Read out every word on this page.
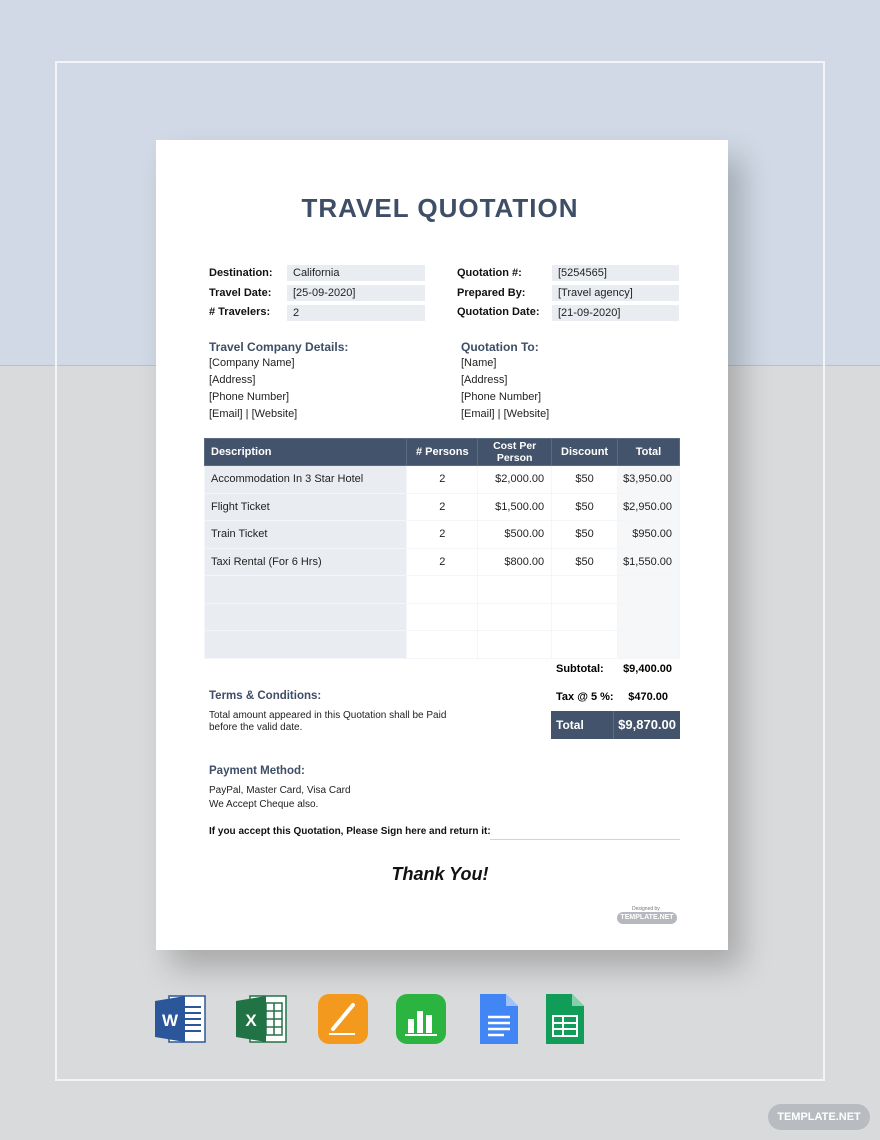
TRAVEL QUOTATION
Destination:	California
Travel Date:	[25-09-2020]
# Travelers:	2
Quotation #:	[5254565]
Prepared By:	[Travel agency]
Quotation Date:	[21-09-2020]
Travel Company Details:
[Company Name]
[Address]
[Phone Number]
[Email] | [Website]
Quotation To:
[Name]
[Address]
[Phone Number]
[Email] | [Website]
Description	# Persons	Cost Per Person	Discount	Total
Accommodation In 3 Star Hotel	2	$2,000.00	$50	$3,950.00
Flight Ticket	2	$1,500.00	$50	$2,950.00
Train Ticket	2	$500.00	$50	$950.00
Taxi Rental (For 6 Hrs)	2	$800.00	$50	$1,550.00

Subtotal:	$9,400.00
Tax @ 5 %:	$470.00
Total	$9,870.00
Terms & Conditions:
Total amount appeared in this Quotation shall be Paid
before the valid date.
Payment Method:
PayPal, Master Card, Visa Card
We Accept Cheque also.
If you accept this Quotation, Please Sign here and return it:
Thank You!
Designed by
TEMPLATE.NET
W	X
TEMPLATE.NET
